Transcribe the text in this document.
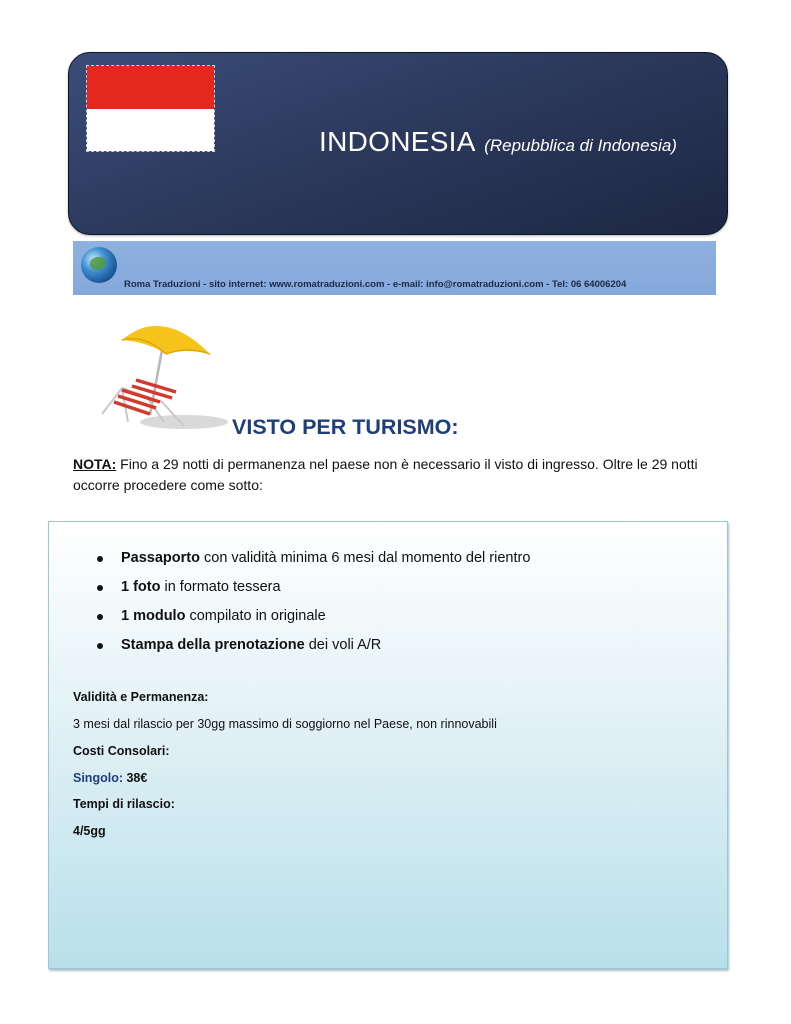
INDONESIA (Repubblica di Indonesia)
Roma Traduzioni - sito internet: www.romatraduzioni.com - e-mail: info@romatraduzioni.com - Tel: 06 64006204
VISTO PER TURISMO:
NOTA: Fino a 29 notti di permanenza nel paese non è necessario il visto di ingresso. Oltre le 29 notti occorre procedere come sotto:
Passaporto con validità minima 6 mesi dal momento del rientro
1 foto in formato tessera
1 modulo compilato in originale
Stampa della prenotazione dei voli A/R
Validità e Permanenza:
3 mesi dal rilascio per 30gg massimo di soggiorno nel Paese, non rinnovabili
Costi Consolari:
Singolo: 38€
Tempi di rilascio:
4/5gg
